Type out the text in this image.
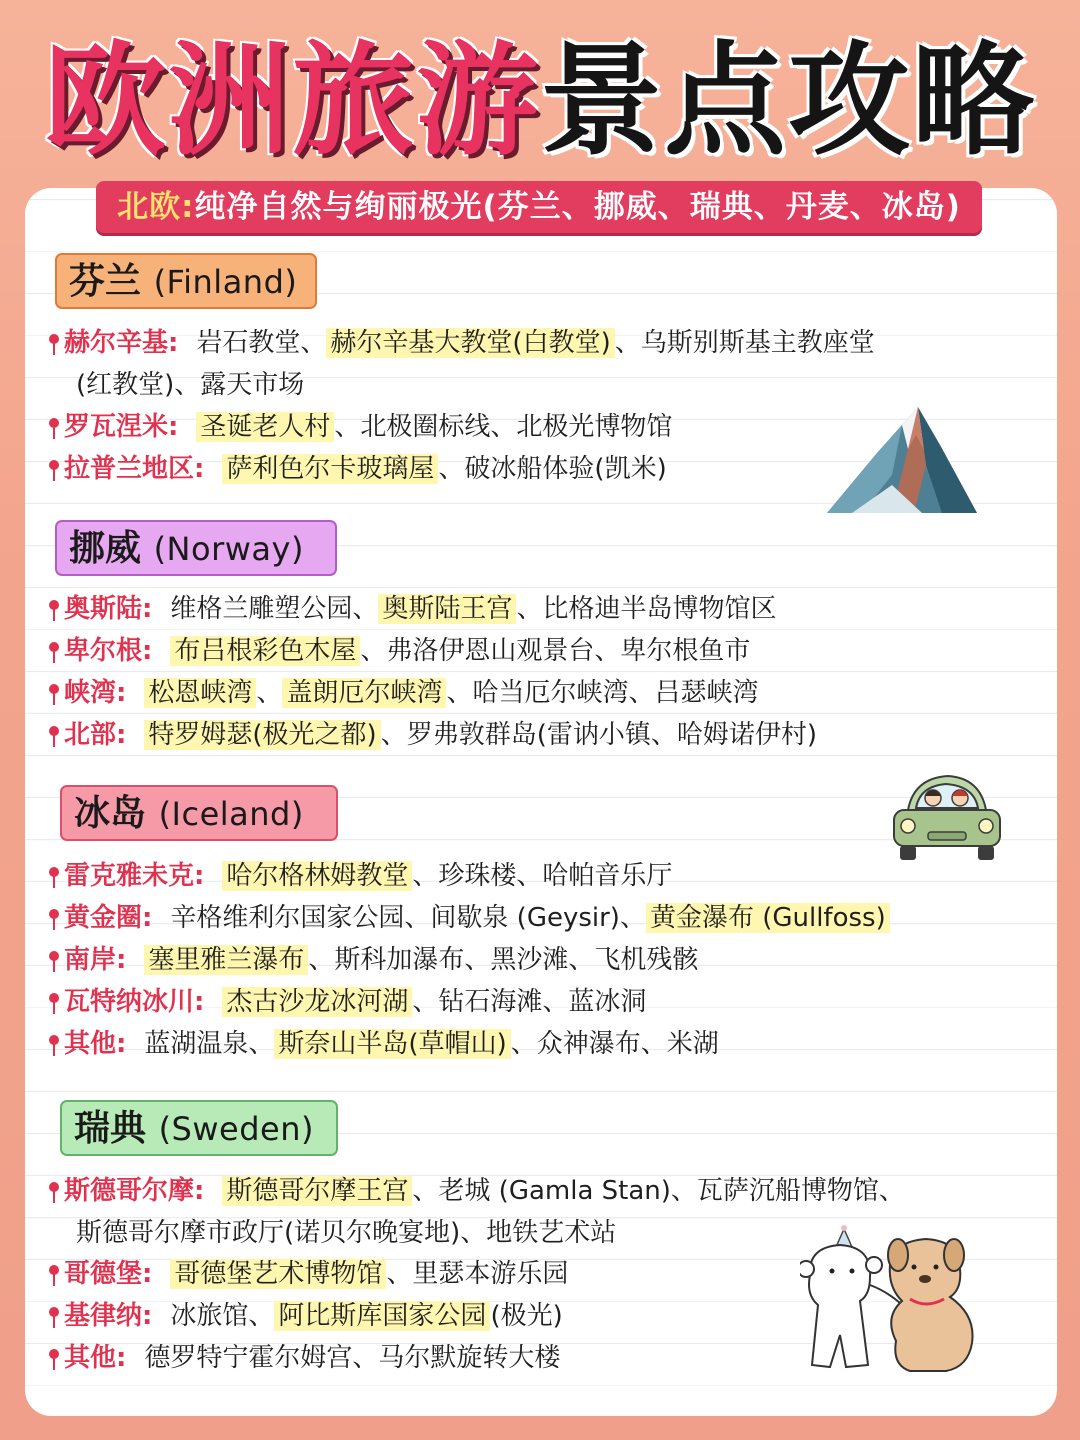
欧洲旅游景点攻略
北欧:纯净自然与绚丽极光(芬兰、挪威、瑞典、丹麦、冰岛)
芬兰 (Finland)
赫尔辛基: 岩石教堂、 赫尔辛基大教堂(白教堂) 、乌斯别斯基主教座堂
(红教堂)、露天市场
罗瓦涅米: 圣诞老人村 、北极圈标线、北极光博物馆
拉普兰地区: 萨利色尔卡玻璃屋 、破冰船体验(凯米)
挪威 (Norway)
奥斯陆: 维格兰雕塑公园、 奥斯陆王宫 、比格迪半岛博物馆区
卑尔根: 布吕根彩色木屋 、弗洛伊恩山观景台、卑尔根鱼市
峡湾: 松恩峡湾 、 盖朗厄尔峡湾 、哈当厄尔峡湾、吕瑟峡湾
北部: 特罗姆瑟(极光之都) 、罗弗敦群岛(雷讷小镇、哈姆诺伊村)
冰岛 (Iceland)
雷克雅未克: 哈尔格林姆教堂 、珍珠楼、哈帕音乐厅
黄金圈: 辛格维利尔国家公园、间歇泉 (Geysir)、 黄金瀑布 (Gullfoss)
南岸: 塞里雅兰瀑布 、斯科加瀑布、黑沙滩、飞机残骸
瓦特纳冰川: 杰古沙龙冰河湖 、钻石海滩、蓝冰洞
其他: 蓝湖温泉、 斯奈山半岛(草帽山) 、众神瀑布、米湖
瑞典 (Sweden)
斯德哥尔摩: 斯德哥尔摩王宫 、老城 (Gamla Stan)、瓦萨沉船博物馆、
斯德哥尔摩市政厅(诺贝尔晚宴地)、地铁艺术站
哥德堡: 哥德堡艺术博物馆 、里瑟本游乐园
基律纳: 冰旅馆、 阿比斯库国家公园 (极光)
其他: 德罗特宁霍尔姆宫、马尔默旋转大楼
